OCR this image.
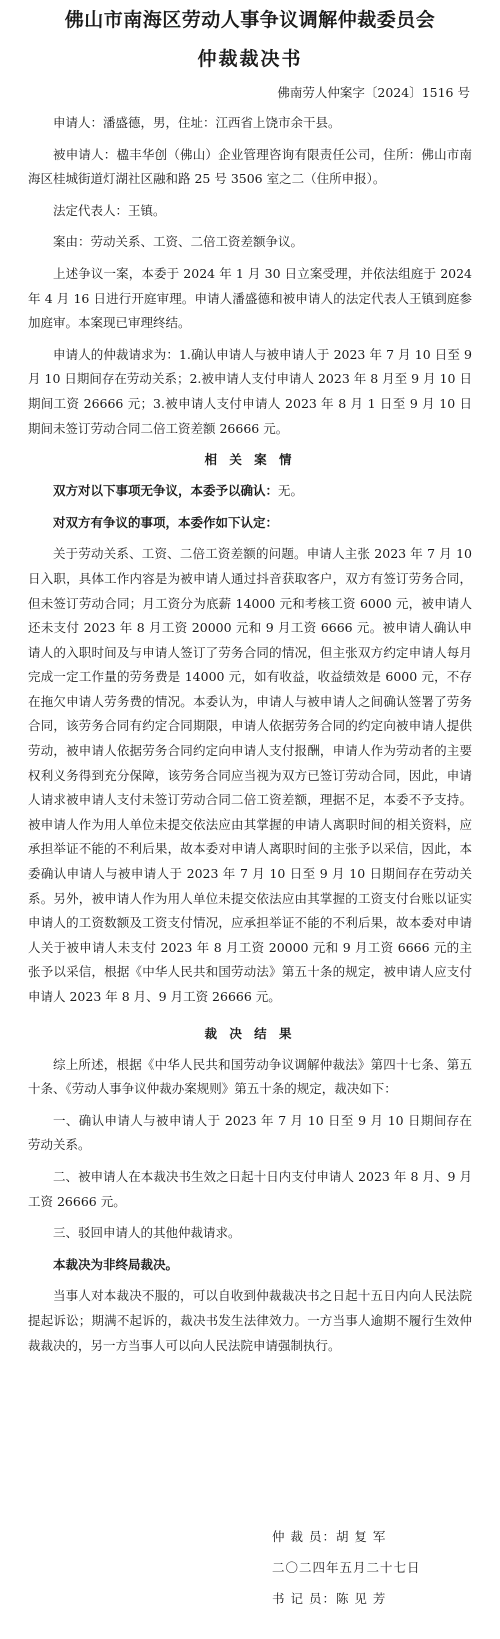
佛山市南海区劳动人事争议调解仲裁委员会
仲裁裁决书
佛南劳人仲案字〔2024〕1516 号

申请人：潘盛德，男，住址：江西省上饶市余干县。

被申请人：楹丰华创（佛山）企业管理咨询有限责任公司，住所：佛山市南海区桂城街道灯湖社区融和路 25 号 3506 室之二（住所申报）。

法定代表人：王镇。

案由：劳动关系、工资、二倍工资差额争议。

上述争议一案，本委于 2024 年 1 月 30 日立案受理，并依法组庭于 2024 年 4 月 16 日进行开庭审理。申请人潘盛德和被申请人的法定代表人王镇到庭参加庭审。本案现已审理终结。

申请人的仲裁请求为：1.确认申请人与被申请人于 2023 年 7 月 10 日至 9 月 10 日期间存在劳动关系；2.被申请人支付申请人 2023 年 8 月至 9 月 10 日期间工资 26666 元；3.被申请人支付申请人 2023 年 8 月 1 日至 9 月 10 日期间未签订劳动合同二倍工资差额 26666 元。

相 关 案 情

双方对以下事项无争议，本委予以确认：无。

对双方有争议的事项，本委作如下认定：

关于劳动关系、工资、二倍工资差额的问题。申请人主张 2023 年 7 月 10 日入职，具体工作内容是为被申请人通过抖音获取客户，双方有签订劳务合同，但未签订劳动合同；月工资分为底薪 14000 元和考核工资 6000 元，被申请人还未支付 2023 年 8 月工资 20000 元和 9 月工资 6666 元。被申请人确认申请人的入职时间及与申请人签订了劳务合同的情况，但主张双方约定申请人每月完成一定工作量的劳务费是 14000 元，如有收益，收益绩效是 6000 元，不存在拖欠申请人劳务费的情况。本委认为，申请人与被申请人之间确认签署了劳务合同，该劳务合同有约定合同期限，申请人依据劳务合同的约定向被申请人提供劳动，被申请人依据劳务合同约定向申请人支付报酬，申请人作为劳动者的主要权利义务得到充分保障，该劳务合同应当视为双方已签订劳动合同，因此，申请人请求被申请人支付未签订劳动合同二倍工资差额，理据不足，本委不予支持。被申请人作为用人单位未提交依法应由其掌握的申请人离职时间的相关资料，应承担举证不能的不利后果，故本委对申请人离职时间的主张予以采信，因此，本委确认申请人与被申请人于 2023 年 7 月 10 日至 9 月 10 日期间存在劳动关系。另外，被申请人作为用人单位未提交依法应由其掌握的工资支付台账以证实申请人的工资数额及工资支付情况，应承担举证不能的不利后果，故本委对申请人关于被申请人未支付 2023 年 8 月工资 20000 元和 9 月工资 6666 元的主张予以采信，根据《中华人民共和国劳动法》第五十条的规定，被申请人应支付申请人 2023 年 8 月、9 月工资 26666 元。

裁 决 结 果

综上所述，根据《中华人民共和国劳动争议调解仲裁法》第四十七条、第五十条、《劳动人事争议仲裁办案规则》第五十条的规定，裁决如下：

一、确认申请人与被申请人于 2023 年 7 月 10 日至 9 月 10 日期间存在劳动关系。

二、被申请人在本裁决书生效之日起十日内支付申请人 2023 年 8 月、9 月工资 26666 元。

三、驳回申请人的其他仲裁请求。

本裁决为非终局裁决。

当事人对本裁决不服的，可以自收到仲裁裁决书之日起十五日内向人民法院提起诉讼；期满不起诉的，裁决书发生法律效力。一方当事人逾期不履行生效仲裁裁决的，另一方当事人可以向人民法院申请强制执行。

仲 裁 员：胡 复 军

二〇二四年五月二十七日

书 记 员：陈 见 芳
